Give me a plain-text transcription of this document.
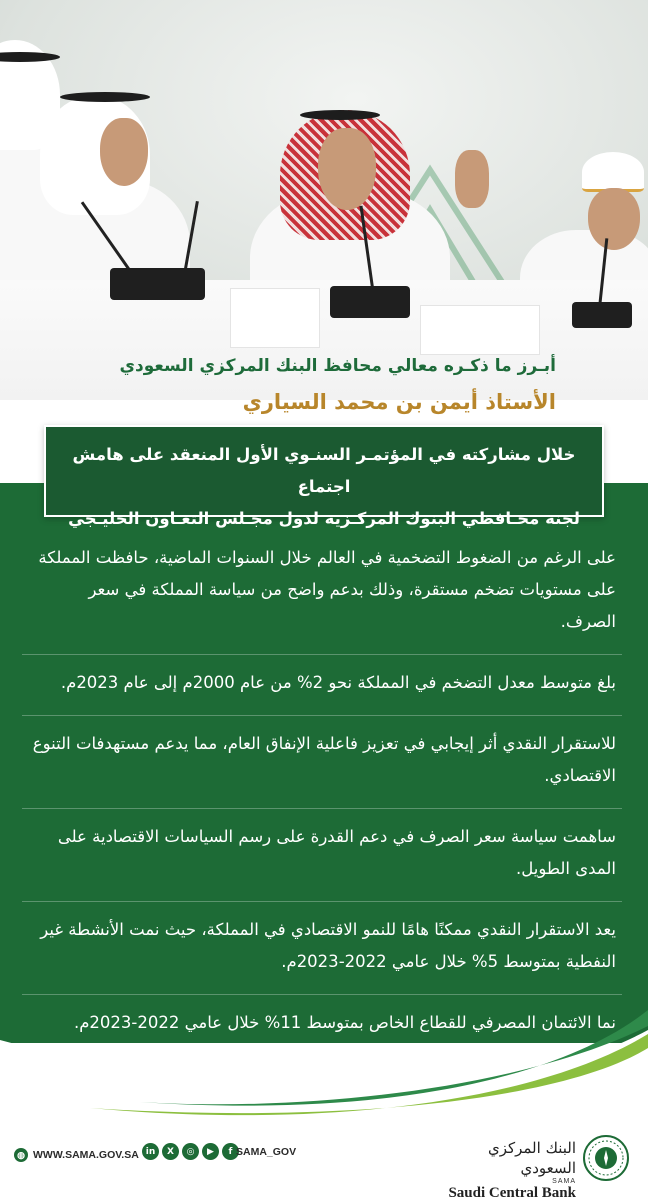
أبـرز ما ذكـره معالي محافظ البنك المركزي السعودي
الأستاذ أيمن بن محمد السياري
خلال مشاركته في المؤتمـر السنـوي الأول المنعقد على هامش اجتماع
لجنة محـافظي البنوك المركـزية لدول مجـلس التعـاون الخليـجي
على الرغم من الضغوط التضخمية في العالم خلال السنوات الماضية، حافظت المملكة على مستويات تضخم مستقرة، وذلك بدعم واضح من سياسة المملكة في سعر الصرف.
بلغ متوسط معدل التضخم في المملكة نحو 2% من عام 2000م إلى عام 2023م.
للاستقرار النقدي أثر إيجابي في تعزيز فاعلية الإنفاق العام، مما يدعم مستهدفات التنوع الاقتصادي.
ساهمت سياسة سعر الصرف في دعم القدرة على رسم السياسات الاقتصادية على المدى الطويل.
يعد الاستقرار النقدي ممكنًا هامًا للنمو الاقتصادي في المملكة، حيث نمت الأنشطة غير النفطية بمتوسط 5% خلال عامي 2022-2023م.
نما الائتمان المصرفي للقطاع الخاص بمتوسط 11% خلال عامي 2022-2023م.
◍ WWW.SAMA.GOV.SA in	X	◎	▶	f SAMA_GOV	البنك المركزي السعودي
SAMA
Saudi Central Bank
